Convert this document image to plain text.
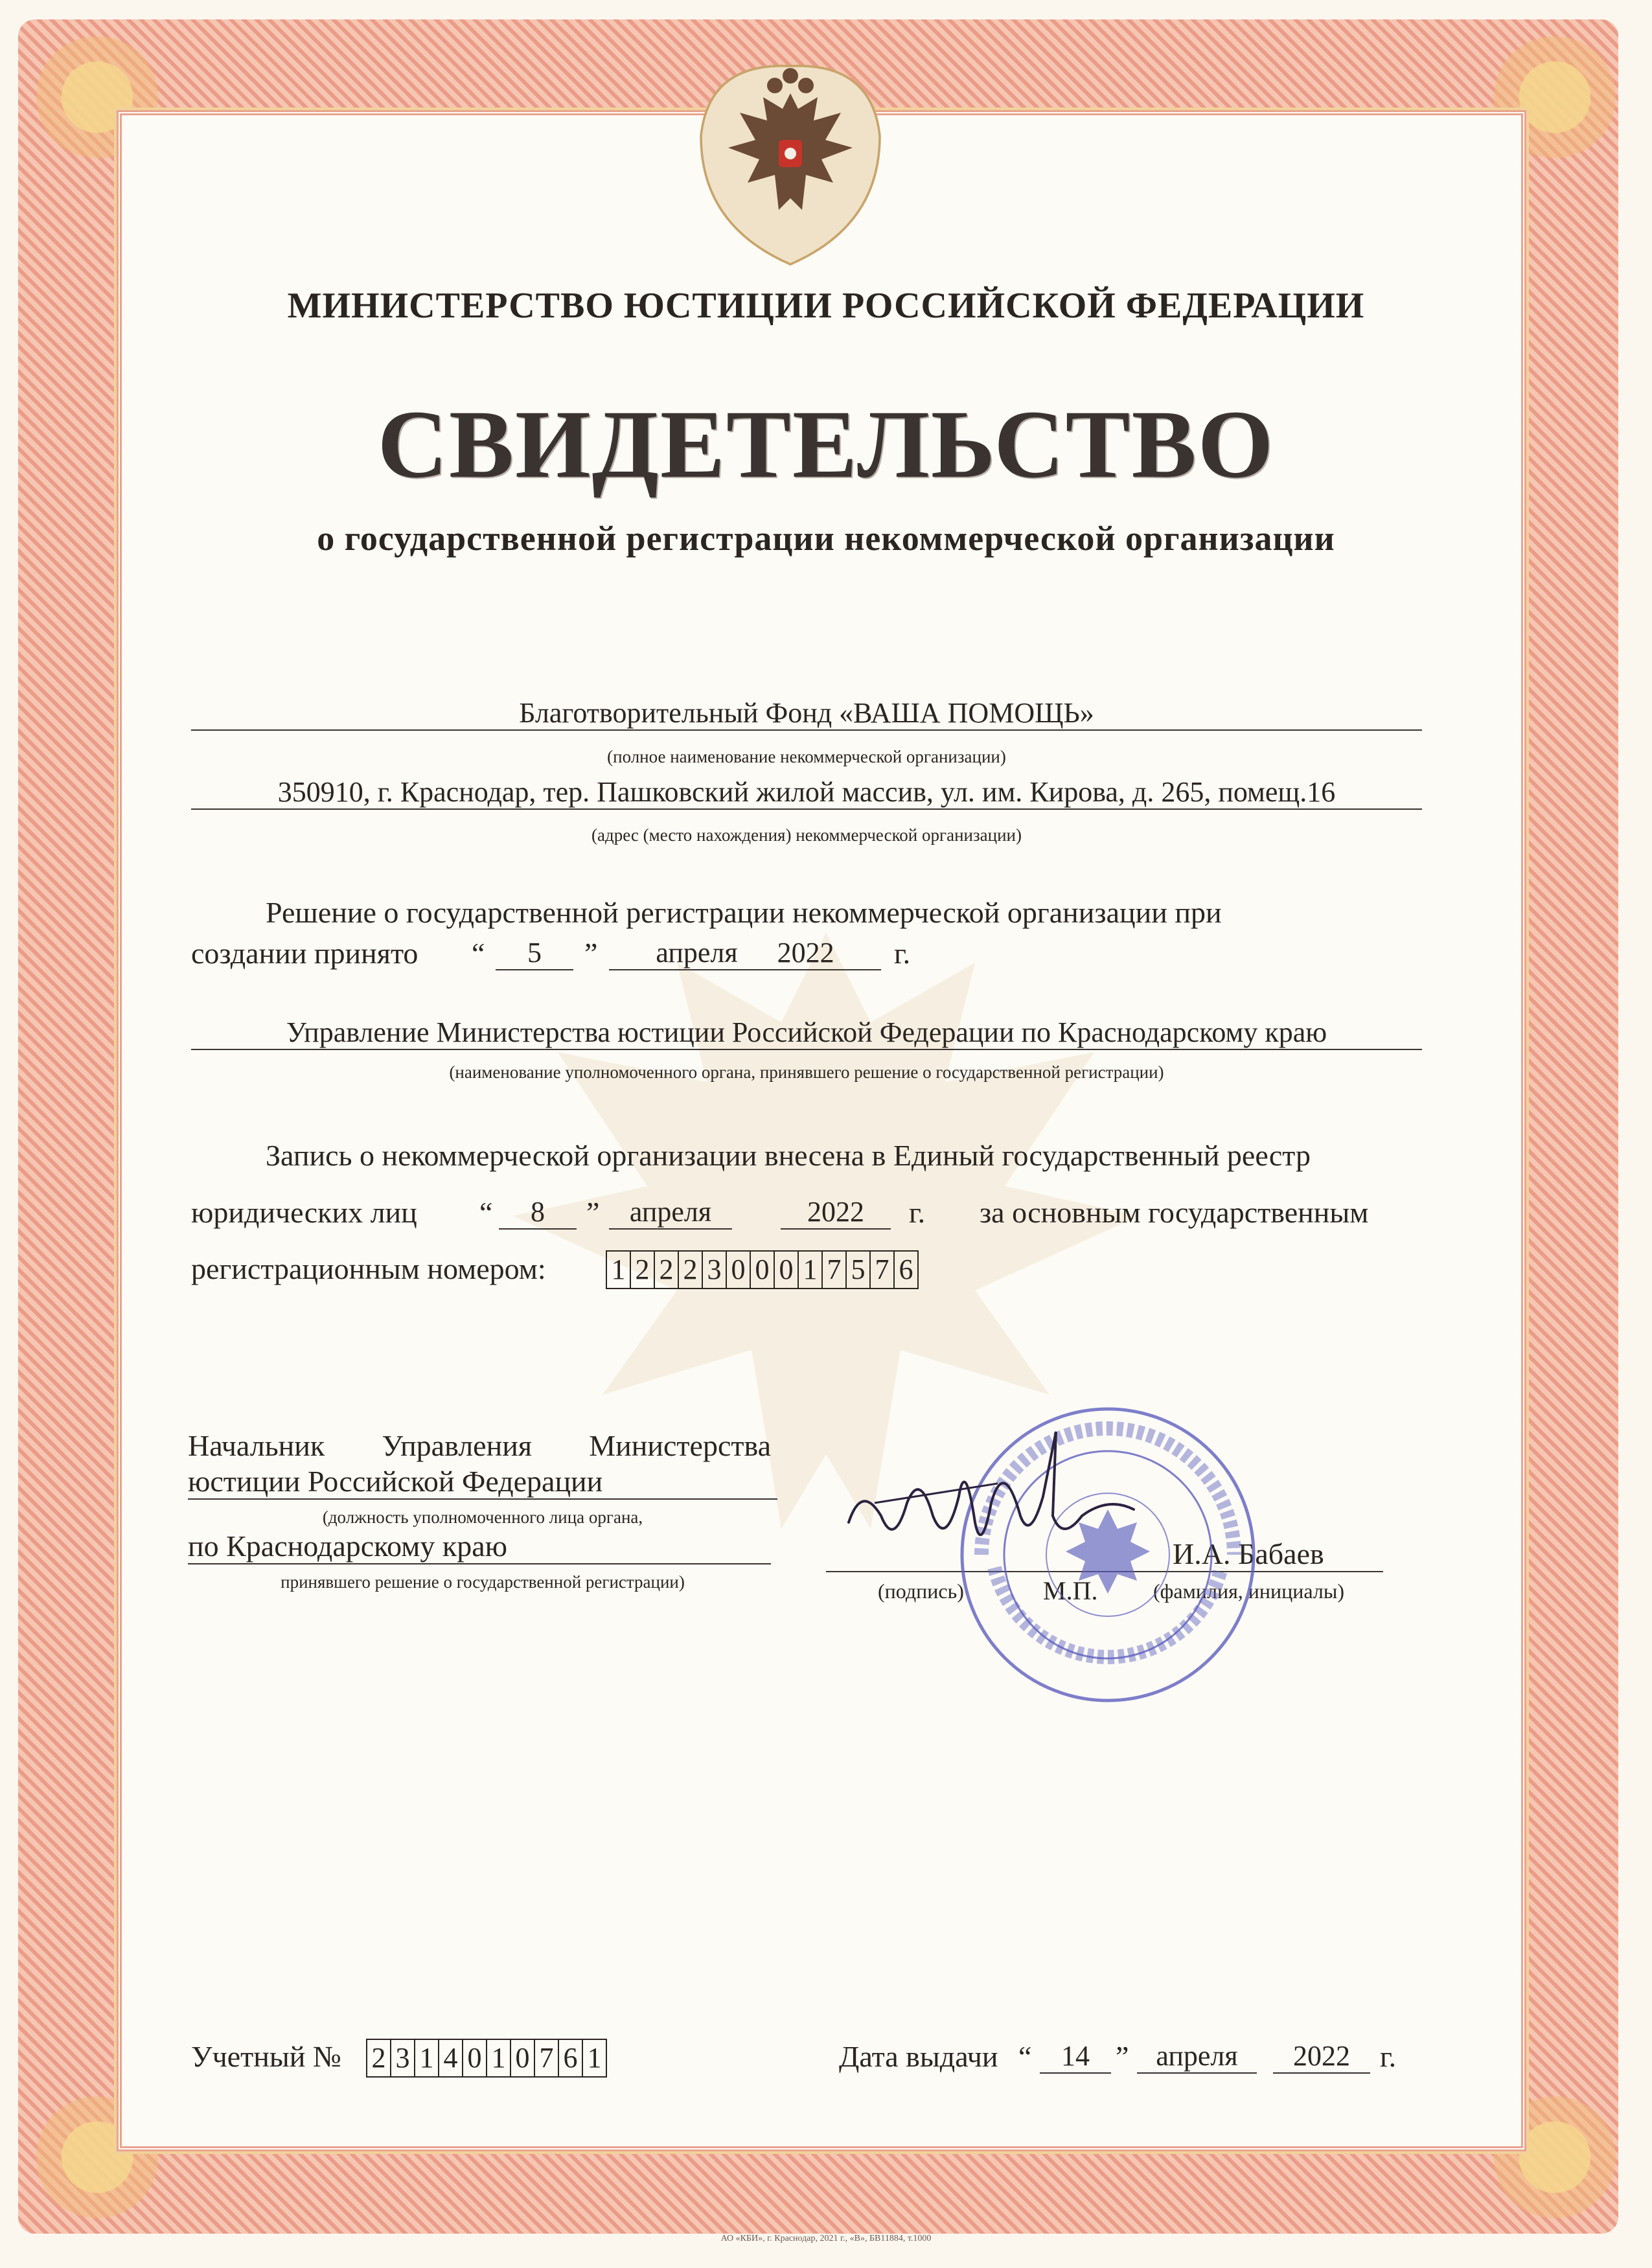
МИНИСТЕРСТВО ЮСТИЦИИ РОССИЙСКОЙ ФЕДЕРАЦИИ
СВИДЕТЕЛЬСТВО
о государственной регистрации некоммерческой организации
Благотворительный Фонд «ВАША ПОМОЩЬ»
(полное наименование некоммерческой организации)
350910, г. Краснодар, тер. Пашковский жилой массив, ул. им. Кирова, д. 265, помещ.16
(адрес (место нахождения) некоммерческой организации)
Решение о государственной регистрации некоммерческой организации при
создании принято “	5	”	апреля 2022	г.
Управление Министерства юстиции Российской Федерации по Краснодарскому краю
(наименование уполномоченного органа, принявшего решение о государственной регистрации)
Запись о некоммерческой организации внесена в Единый государственный реестр
юридических лиц “	8	”	апреля	2022	г. за основным государственным
регистрационным номером: 1 2 2 2 3 0 0 0 1 7 5 7 6
Начальник Управления Министерства
юстиции Российской Федерации
(должность уполномоченного лица органа,
по Краснодарскому краю
принявшего решение о государственной регистрации)
И.А. Бабаев
(подпись)	М.П.	(фамилия, инициалы)
Учетный № 2 3 1 4 0 1 0 7 6 1	Дата выдачи “	14 ” апреля	2022	г.
АО «КБИ», г. Краснодар, 2021 г., «В», БВ11884, т.1000
